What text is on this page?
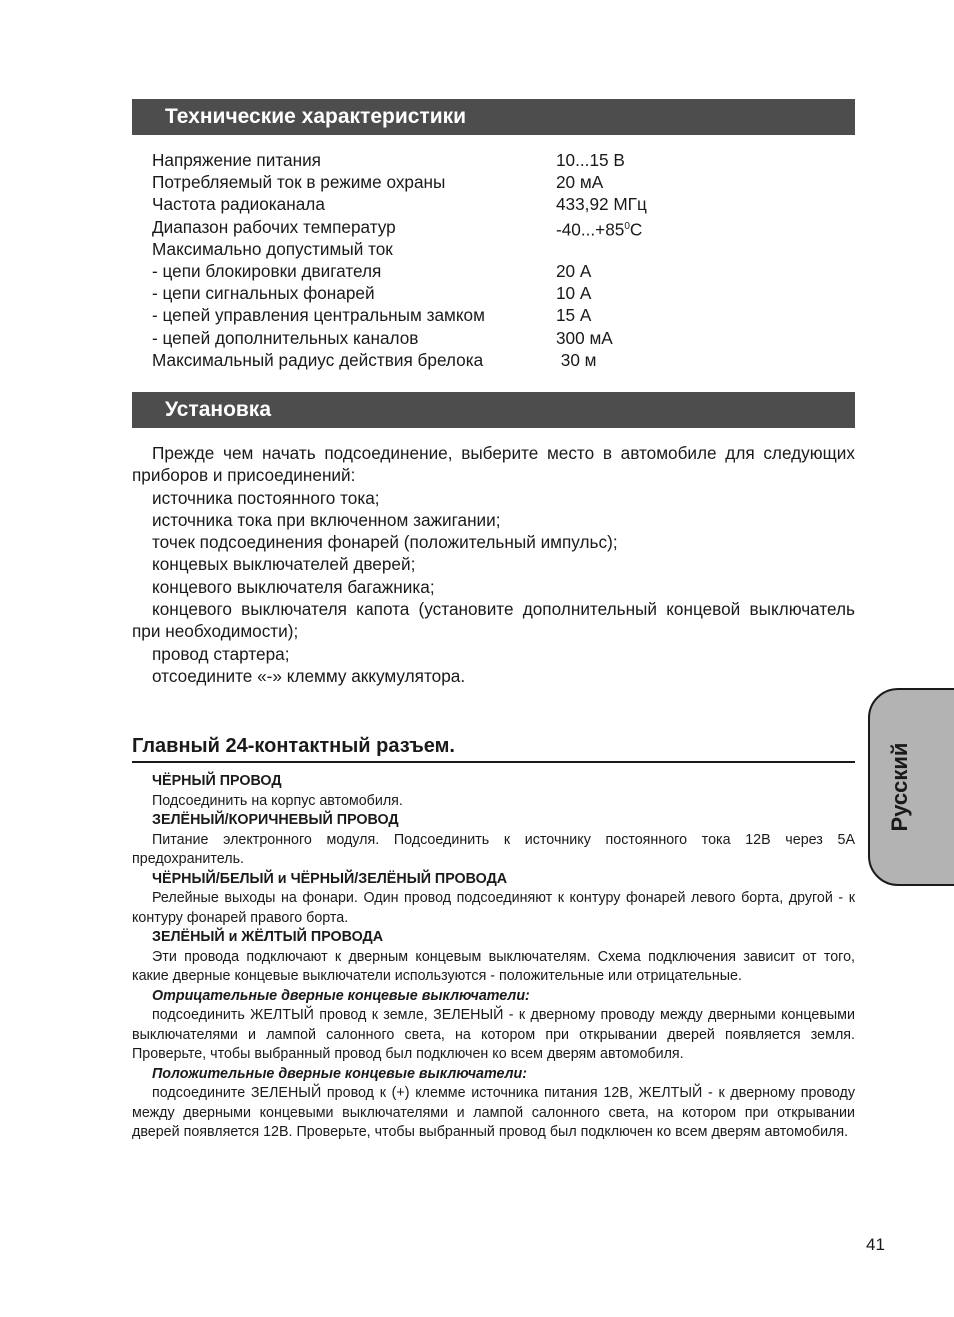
Технические характеристики
Напряжение питания	10...15 В
Потребляемый ток в режиме охраны	20 мА
Частота радиоканала	433,92 МГц
Диапазон рабочих температур	$-40...+85^0С$
Максимально допустимый ток
- цепи блокировки двигателя	20 А
- цепи сигнальных фонарей	10 А
- цепей управления центральным замком	15 А
- цепей дополнительных каналов	300 мА
Максимальный радиус действия брелока	30 м
Установка

Прежде чем начать подсоединение, выберите место в автомобиле для следующих приборов и присоединений:

источника постоянного тока;

источника тока при включенном зажигании;

точек подсоединения фонарей (положительный импульс);

концевых выключателей дверей;

концевого выключателя багажника;

концевого выключателя капота (установите дополнительный концевой выключатель при необходимости);

провод стартера;

отсоедините «-» клемму аккумулятора.

Главный 24-контактный разъем.

ЧЁРНЫЙ ПРОВОД

Подсоединить на корпус автомобиля.

ЗЕЛЁНЫЙ/КОРИЧНЕВЫЙ ПРОВОД

Питание электронного модуля. Подсоединить к источнику постоянного тока 12В через 5А предохранитель.

ЧЁРНЫЙ/БЕЛЫЙ и ЧЁРНЫЙ/ЗЕЛЁНЫЙ ПРОВОДА

Релейные выходы на фонари. Один провод подсоединяют к контуру фонарей левого борта, другой - к контуру фонарей правого борта.

ЗЕЛЁНЫЙ и ЖЁЛТЫЙ ПРОВОДА

Эти провода подключают к дверным концевым выключателям. Схема подключения зависит от того, какие дверные концевые выключатели используются - положительные или отрицательные.

Отрицательные дверные концевые выключатели:

подсоединить ЖЕЛТЫЙ провод к земле, ЗЕЛЕНЫЙ - к дверному проводу между дверными концевыми выключателями и лампой салонного света, на котором при открывании дверей появляется земля. Проверьте, чтобы выбранный провод был подключен ко всем дверям автомобиля.

Положительные дверные концевые выключатели:

подсоедините ЗЕЛЕНЫЙ провод к (+) клемме источника питания 12В, ЖЕЛТЫЙ - к дверному проводу между дверными концевыми выключателями и лампой салонного света, на котором при открывании дверей появляется 12В. Проверьте, чтобы выбранный провод был подключен ко всем дверям автомобиля.

Русский
41
